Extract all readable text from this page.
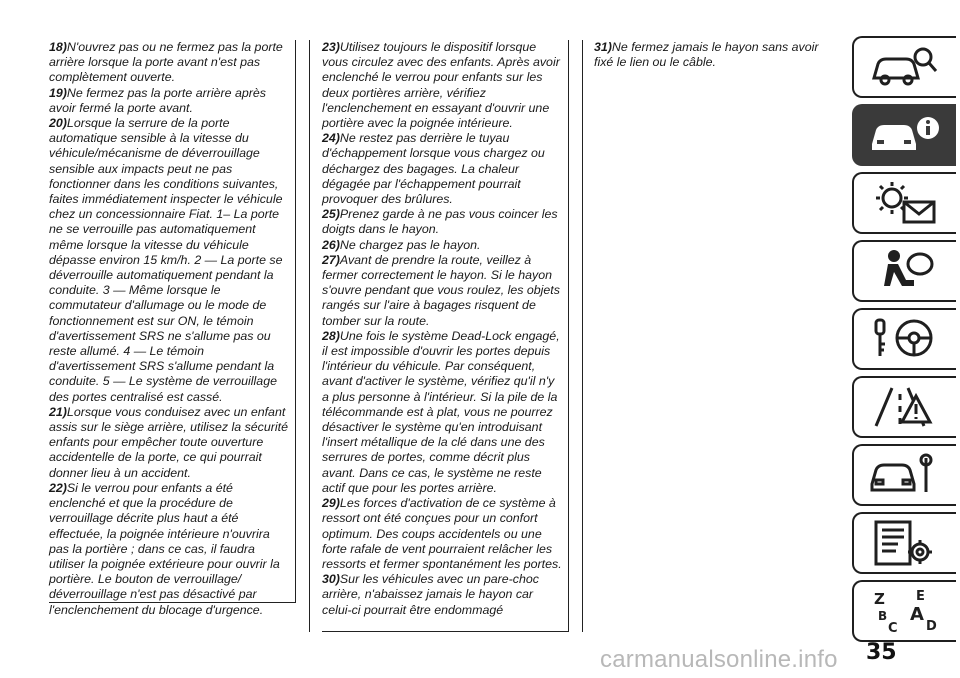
18)N'ouvrez pas ou ne fermez pas la porte arrière lorsque la porte avant n'est pas complètement ouverte.

19)Ne fermez pas la porte arrière après avoir fermé la porte avant.

20)Lorsque la serrure de la porte automatique sensible à la vitesse du véhicule/mécanisme de déverrouillage sensible aux impacts peut ne pas fonctionner dans les conditions suivantes, faites immédiatement inspecter le véhicule chez un concessionnaire Fiat. 1– La porte ne se verrouille pas automatiquement même lorsque la vitesse du véhicule dépasse environ 15 km/h. 2 — La porte se déverrouille automatiquement pendant la conduite. 3 — Même lorsque le commutateur d'allumage ou le mode de fonctionnement est sur ON, le témoin d'avertissement SRS ne s'allume pas ou reste allumé. 4 — Le témoin d'avertissement SRS s'allume pendant la conduite. 5 — Le système de verrouillage des portes centralisé est cassé.

21)Lorsque vous conduisez avec un enfant assis sur le siège arrière, utilisez la sécurité enfants pour empêcher toute ouverture accidentelle de la porte, ce qui pourrait donner lieu à un accident.

22)Si le verrou pour enfants a été enclenché et que la procédure de verrouillage décrite plus haut a été effectuée, la poignée intérieure n'ouvrira pas la portière ; dans ce cas, il faudra utiliser la poignée extérieure pour ouvrir la portière. Le bouton de verrouillage/ déverrouillage n'est pas désactivé par l'enclenchement du blocage d'urgence.

23)Utilisez toujours le dispositif lorsque vous circulez avec des enfants. Après avoir enclenché le verrou pour enfants sur les deux portières arrière, vérifiez l'enclenchement en essayant d'ouvrir une portière avec la poignée intérieure.

24)Ne restez pas derrière le tuyau d'échappement lorsque vous chargez ou déchargez des bagages. La chaleur dégagée par l'échappement pourrait provoquer des brûlures.

25)Prenez garde à ne pas vous coincer les doigts dans le hayon.

26)Ne chargez pas le hayon.

27)Avant de prendre la route, veillez à fermer correctement le hayon. Si le hayon s'ouvre pendant que vous roulez, les objets rangés sur l'aire à bagages risquent de tomber sur la route.

28)Une fois le système Dead-Lock engagé, il est impossible d'ouvrir les portes depuis l'intérieur du véhicule. Par conséquent, avant d'activer le système, vérifiez qu'il n'y a plus personne à l'intérieur. Si la pile de la télécommande est à plat, vous ne pourrez désactiver le système qu'en introduisant l'insert métallique de la clé dans une des serrures de portes, comme décrit plus avant. Dans ce cas, le système ne reste actif que pour les portes arrière.

29)Les forces d'activation de ce système à ressort ont été conçues pour un confort optimum. Des coups accidentels ou une forte rafale de vent pourraient relâcher les ressorts et fermer spontanément les portes.

30)Sur les véhicules avec un pare-choc arrière, n'abaissez jamais le hayon car celui-ci pourrait être endommagé

31)Ne fermez jamais le hayon sans avoir fixé le lien ou le câble.

Z E
B A
C D
35
carmanualsonline.info
